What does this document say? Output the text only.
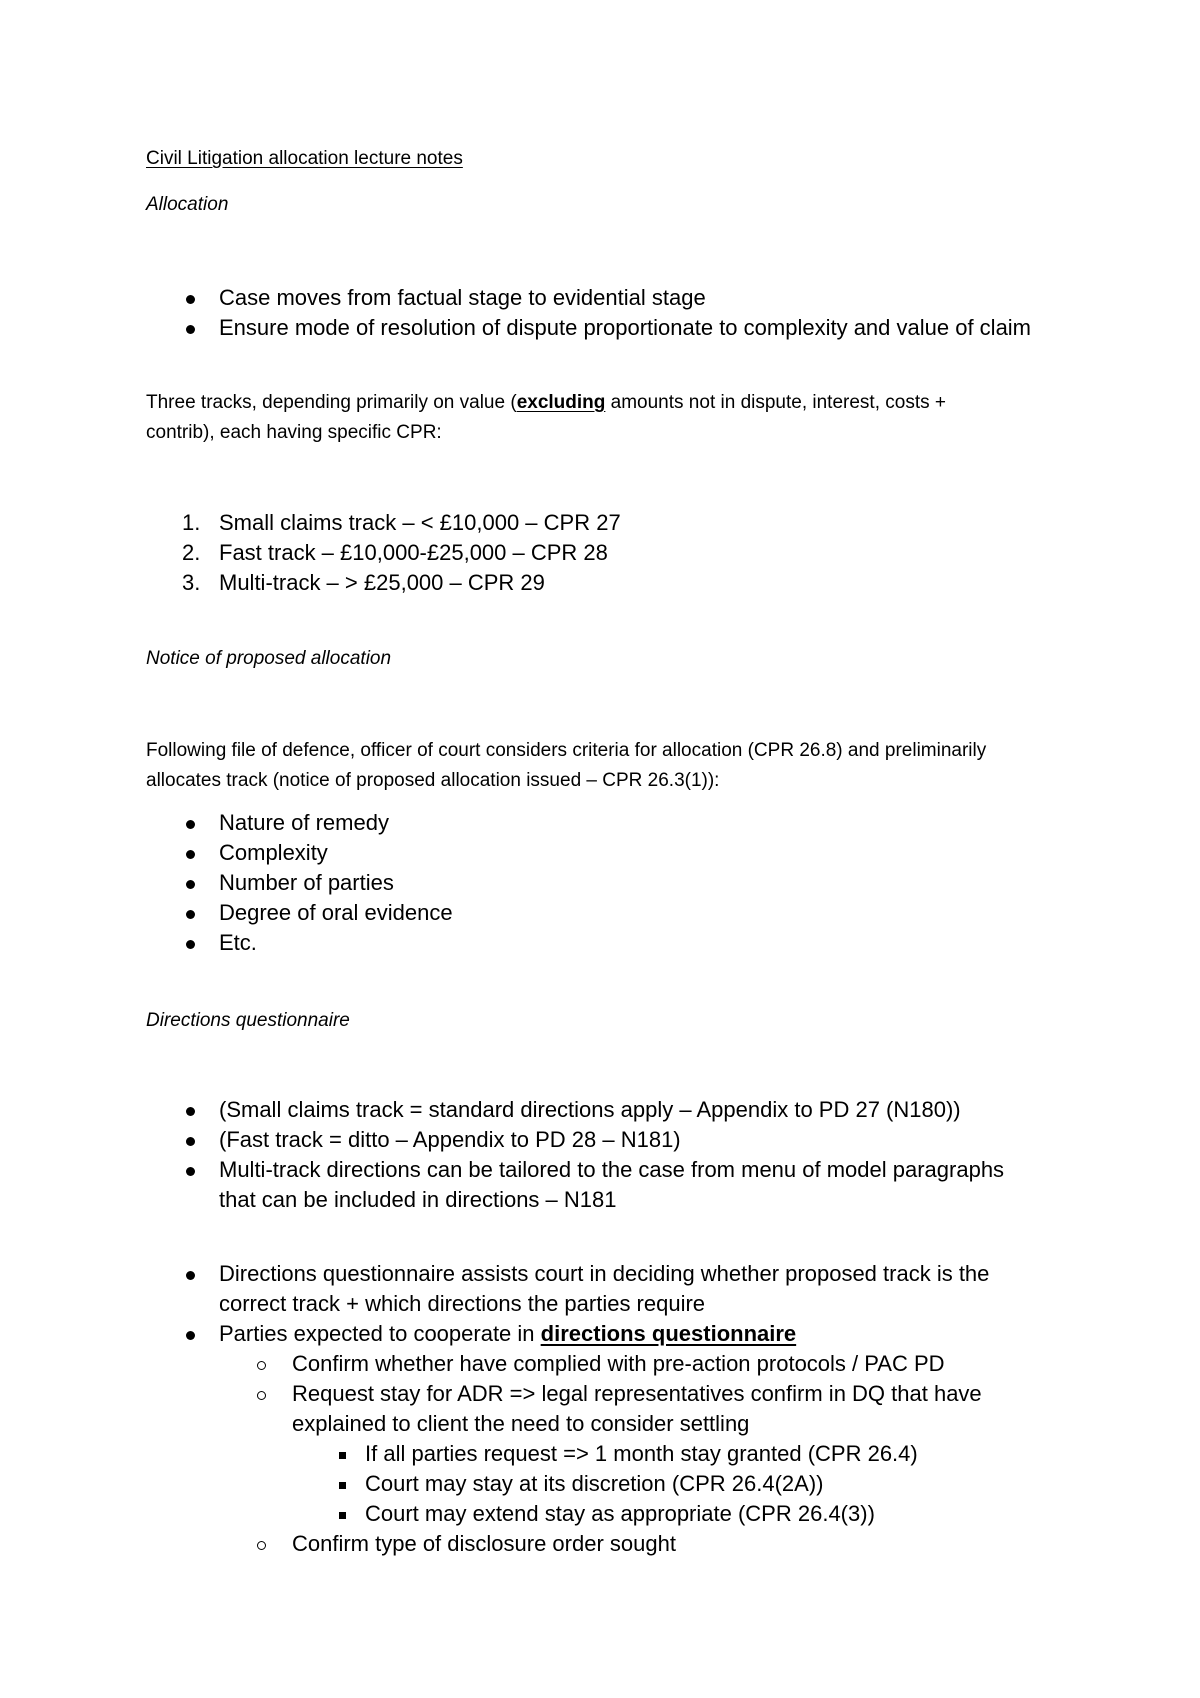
Civil Litigation allocation lecture notes
Allocation
Case moves from factual stage to evidential stage
Ensure mode of resolution of dispute proportionate to complexity and value of claim
Three tracks, depending primarily on value (excluding amounts not in dispute, interest, costs +
contrib), each having specific CPR:
1. Small claims track – < £10,000 – CPR 27
2. Fast track – £10,000-£25,000 – CPR 28
3. Multi-track – > £25,000 – CPR 29
Notice of proposed allocation
Following file of defence, officer of court considers criteria for allocation (CPR 26.8) and preliminarily
allocates track (notice of proposed allocation issued – CPR 26.3(1)):
Nature of remedy
Complexity
Number of parties
Degree of oral evidence
Etc.
Directions questionnaire
(Small claims track = standard directions apply – Appendix to PD 27 (N180))
(Fast track = ditto – Appendix to PD 28 – N181)
Multi-track directions can be tailored to the case from menu of model paragraphs
that can be included in directions – N181
Directions questionnaire assists court in deciding whether proposed track is the
correct track + which directions the parties require
Parties expected to cooperate in directions questionnaire
Confirm whether have complied with pre-action protocols / PAC PD
Request stay for ADR => legal representatives confirm in DQ that have
explained to client the need to consider settling
If all parties request => 1 month stay granted (CPR 26.4)
Court may stay at its discretion (CPR 26.4(2A))
Court may extend stay as appropriate (CPR 26.4(3))
Confirm type of disclosure order sought
